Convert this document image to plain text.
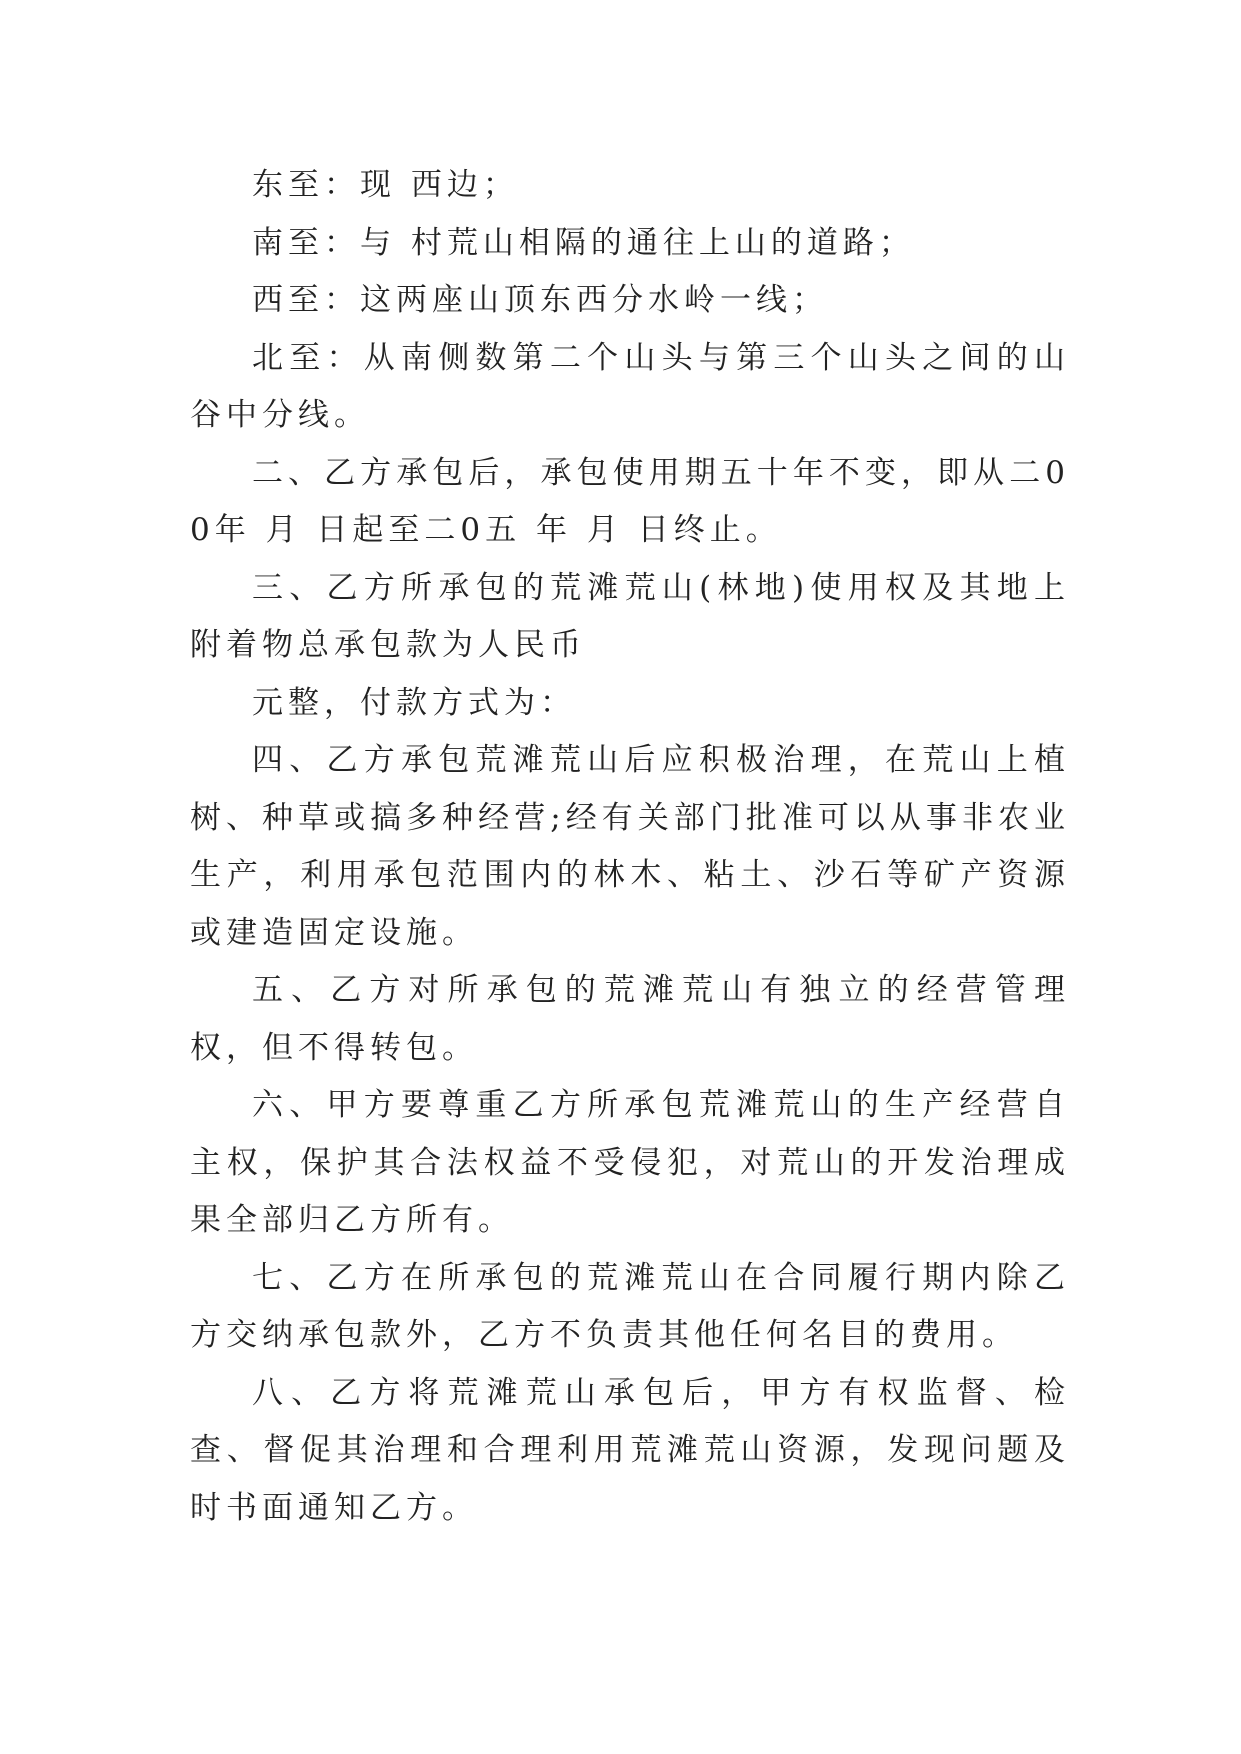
东至：现 西边；

南至：与 村荒山相隔的通往上山的道路；

西至：这两座山顶东西分水岭一线；

北至：从南侧数第二个山头与第三个山头之间的山谷中分线。

二、乙方承包后，承包使用期五十年不变，即从二00年 月 日起至二0五 年 月 日终止。

三、乙方所承包的荒滩荒山(林地)使用权及其地上附着物总承包款为人民币

元整，付款方式为：

四、乙方承包荒滩荒山后应积极治理，在荒山上植树、种草或搞多种经营;经有关部门批准可以从事非农业生产，利用承包范围内的林木、粘土、沙石等矿产资源或建造固定设施。

五、乙方对所承包的荒滩荒山有独立的经营管理权，但不得转包。

六、甲方要尊重乙方所承包荒滩荒山的生产经营自主权，保护其合法权益不受侵犯，对荒山的开发治理成果全部归乙方所有。

七、乙方在所承包的荒滩荒山在合同履行期内除乙方交纳承包款外，乙方不负责其他任何名目的费用。

八、乙方将荒滩荒山承包后，甲方有权监督、检查、督促其治理和合理利用荒滩荒山资源，发现问题及时书面通知乙方。
